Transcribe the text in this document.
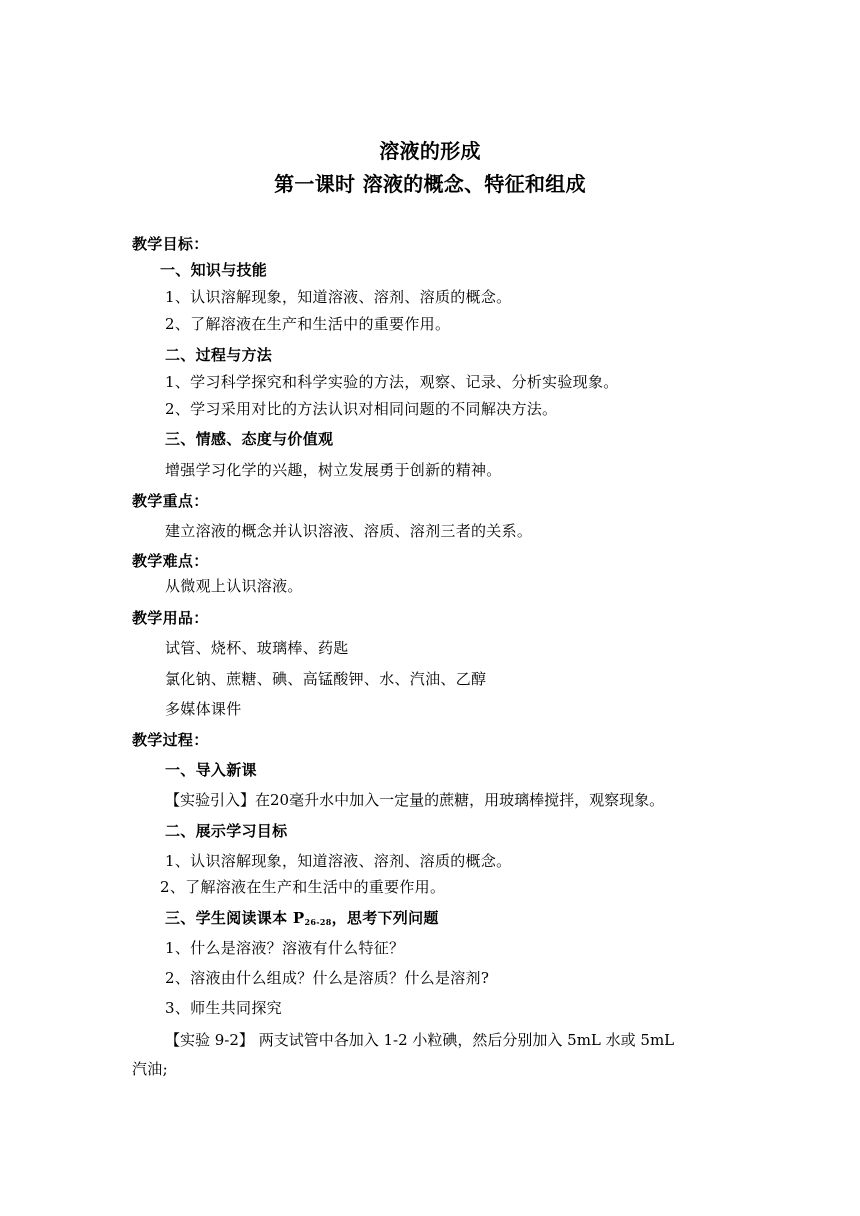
溶液的形成
第一课时 溶液的概念、特征和组成
教学目标：
一、知识与技能
1、认识溶解现象，知道溶液、溶剂、溶质的概念。
2、了解溶液在生产和生活中的重要作用。
二、过程与方法
1、学习科学探究和科学实验的方法，观察、记录、分析实验现象。
2、学习采用对比的方法认识对相同问题的不同解决方法。
三、情感、态度与价值观
增强学习化学的兴趣，树立发展勇于创新的精神。
教学重点：
建立溶液的概念并认识溶液、溶质、溶剂三者的关系。
教学难点：
从微观上认识溶液。
教学用品：
试管、烧杯、玻璃棒、药匙
氯化钠、蔗糖、碘、高锰酸钾、水、汽油、乙醇
多媒体课件
教学过程：
一、导入新课
【实验引入】在20毫升水中加入一定量的蔗糖，用玻璃棒搅拌，观察现象。
二、展示学习目标
1、认识溶解现象，知道溶液、溶剂、溶质的概念。
2、了解溶液在生产和生活中的重要作用。
三、学生阅读课本 $P_{26-28}$，思考下列问题
1、什么是溶液？溶液有什么特征？
2、溶液由什么组成？什么是溶质？什么是溶剂?
3、师生共同探究
【实验 9-2】 两支试管中各加入 1-2 小粒碘，然后分别加入 5mL 水或 5mL
汽油;
